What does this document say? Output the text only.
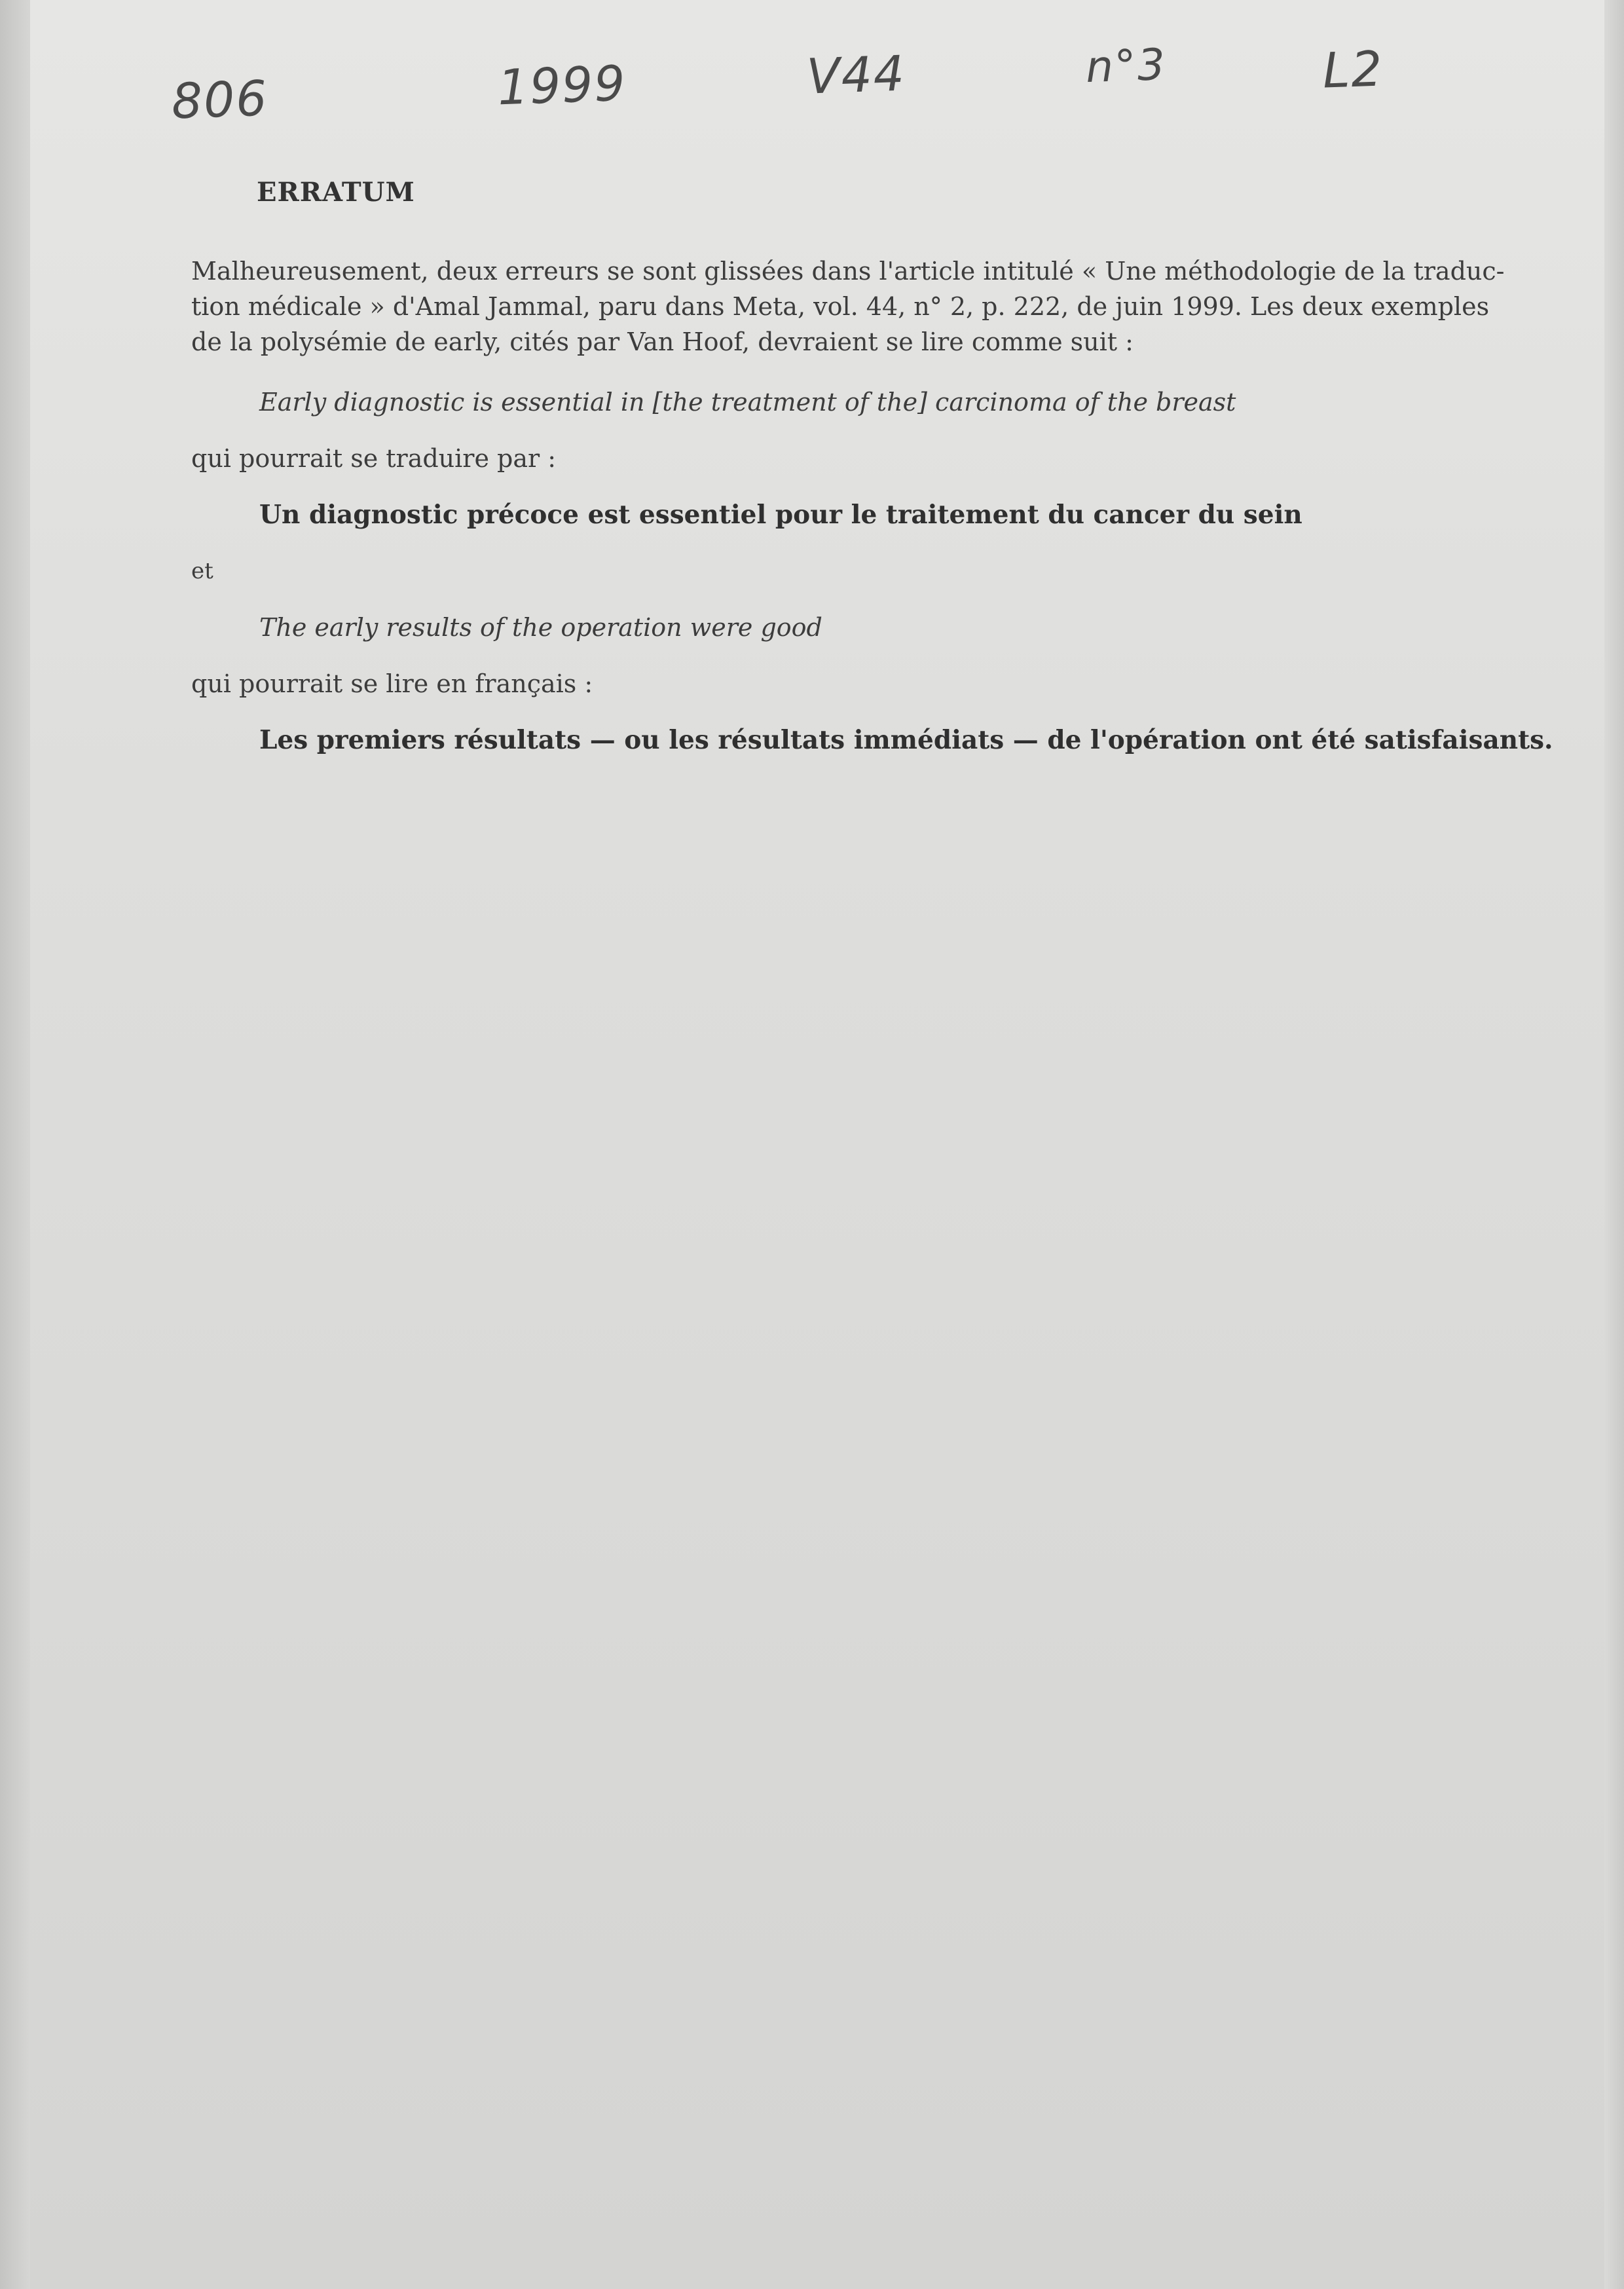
806	1999	V44	n°3	L2
ERRATUM
Malheureusement, deux erreurs se sont glissées dans l'article intitulé « Une méthodologie de la traduc-
tion médicale » d'Amal Jammal, paru dans Meta, vol. 44, n° 2, p. 222, de juin 1999. Les deux exemples
de la polysémie de early, cités par Van Hoof, devraient se lire comme suit :
Early diagnostic is essential in [the treatment of the] carcinoma of the breast
qui pourrait se traduire par :
Un diagnostic précoce est essentiel pour le traitement du cancer du sein
et
The early results of the operation were good
qui pourrait se lire en français :
Les premiers résultats — ou les résultats immédiats — de l'opération ont été satisfaisants.
